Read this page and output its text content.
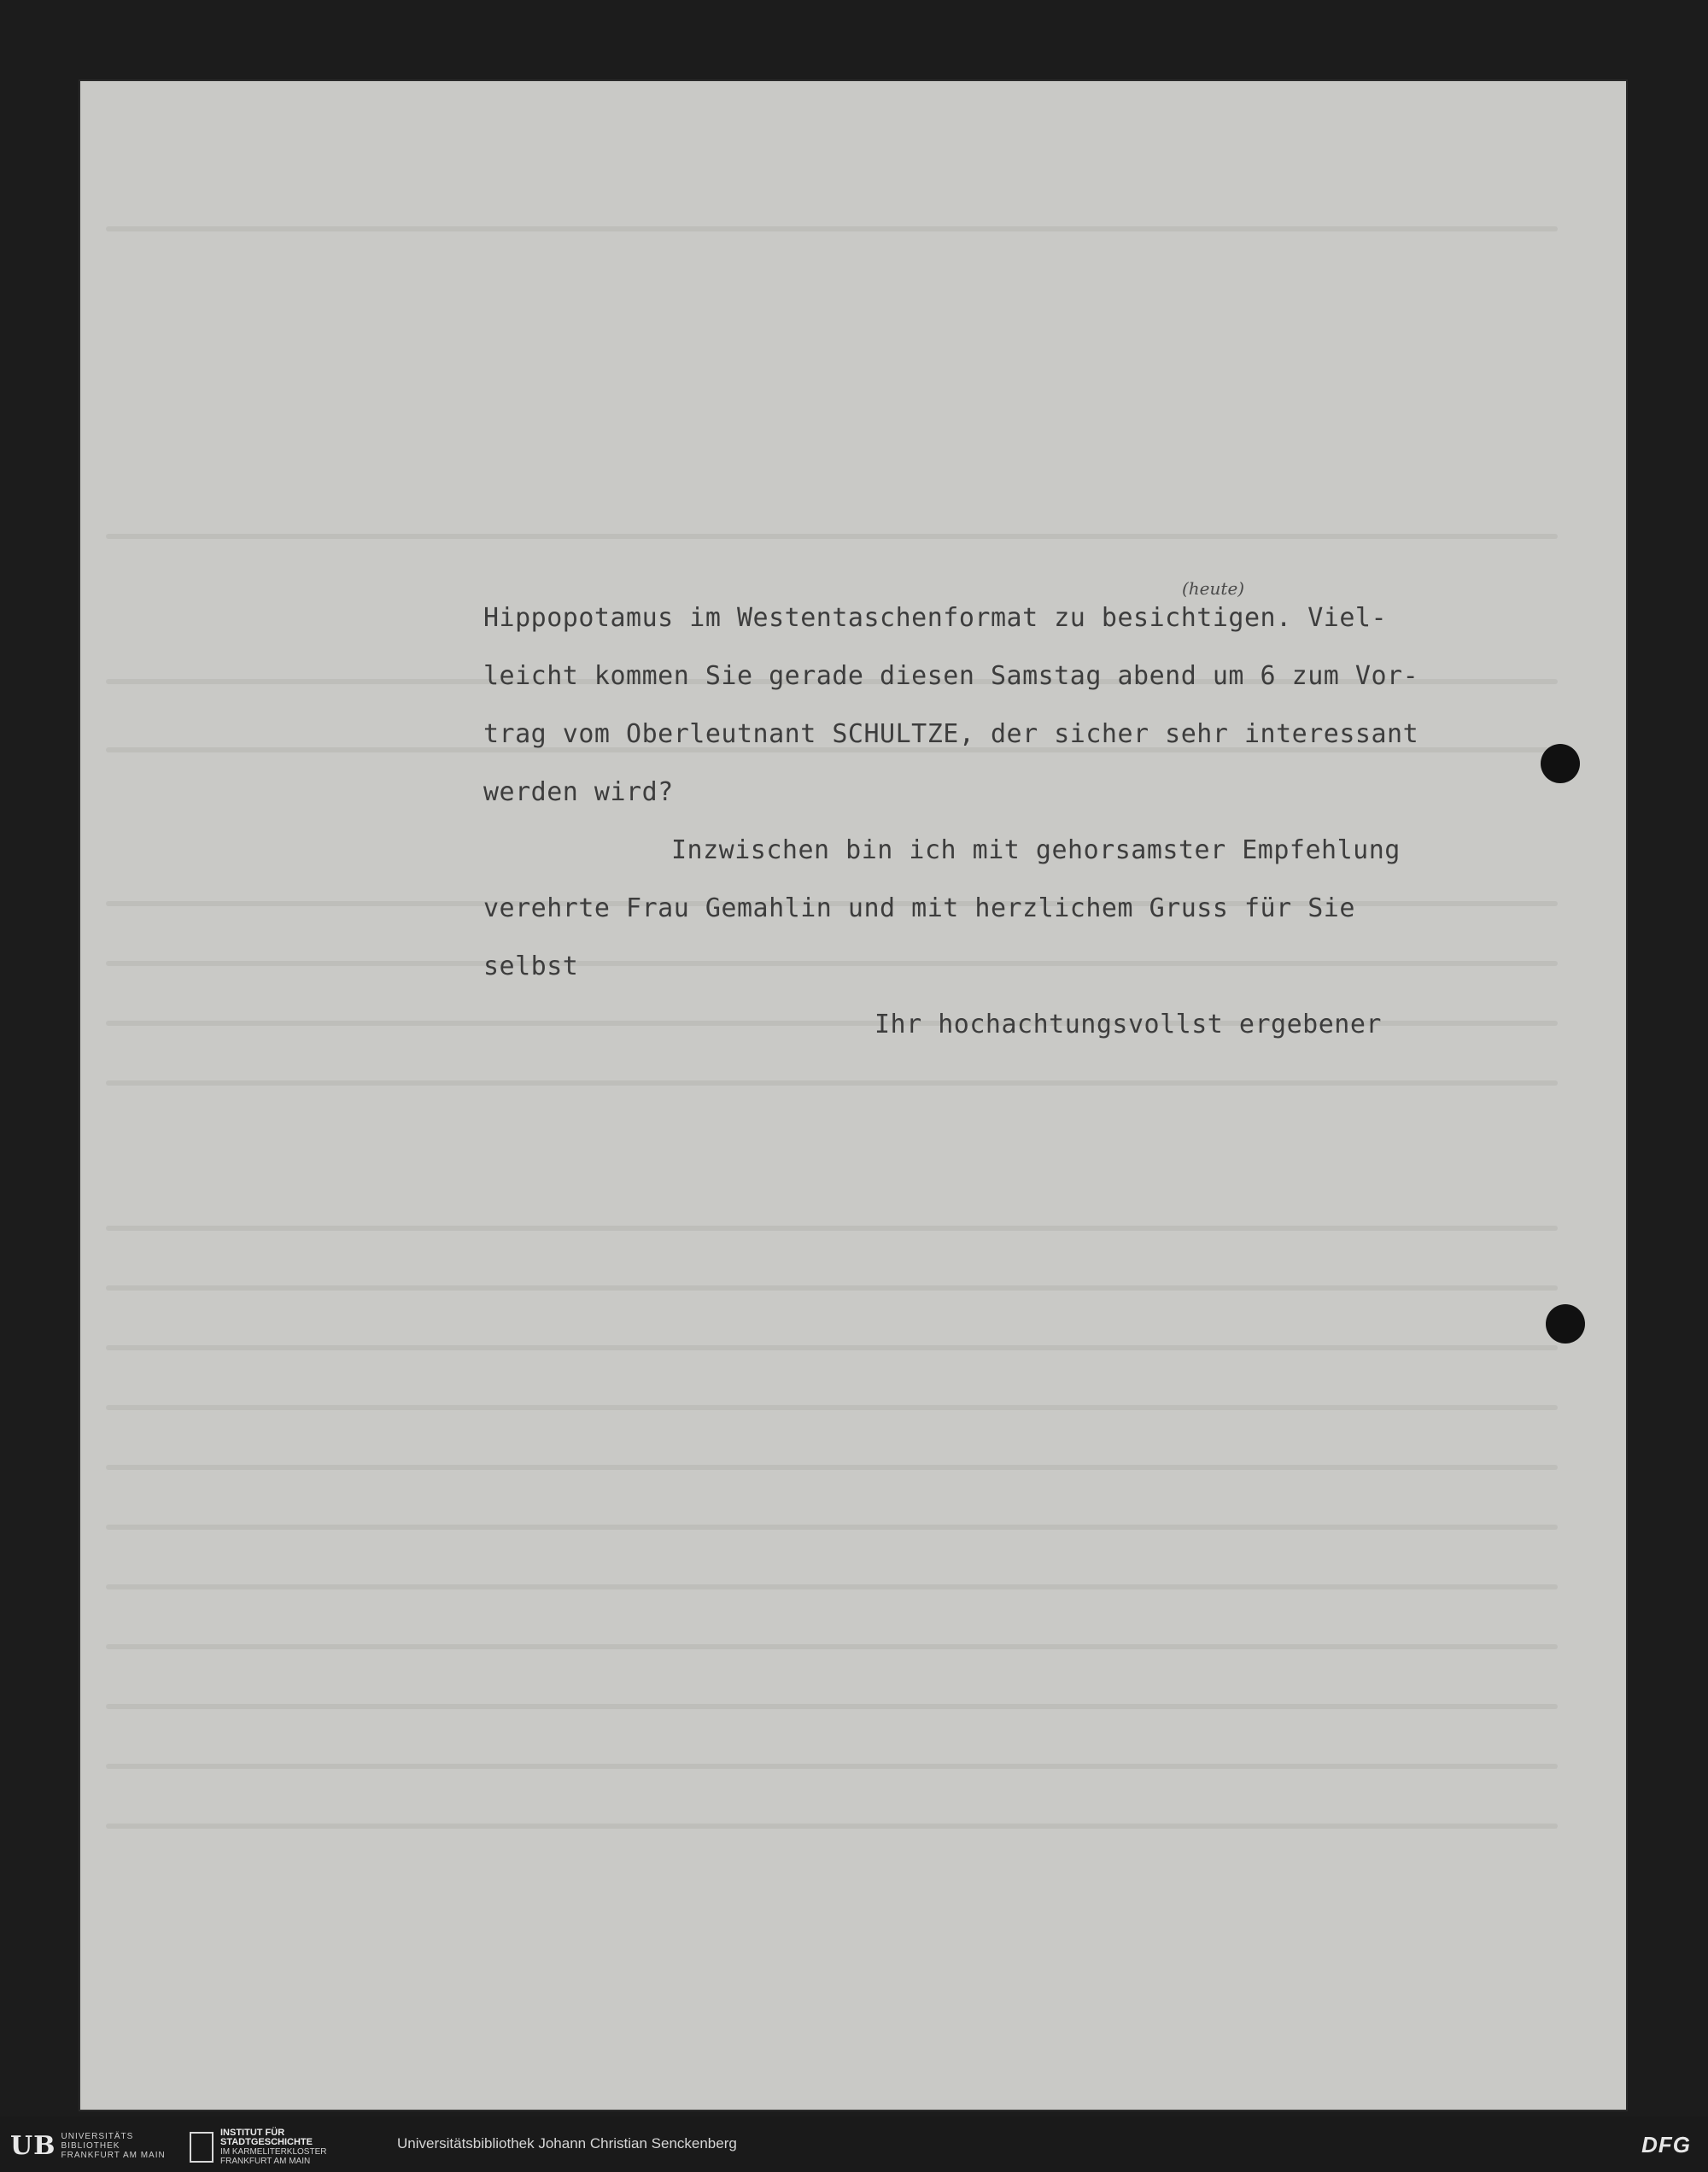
(heute)
Hippopotamus im Westentaschenformat zu besichtigen. Viel-
leicht kommen Sie gerade diesen Samstag abend um 6 zum Vor-
trag vom Oberleutnant SCHULTZE, der sicher sehr interessant
werden wird?
Inzwischen bin ich mit gehorsamster Empfehlung
verehrte Frau Gemahlin und mit herzlichem Gruss für Sie
selbst
Ihr hochachtungsvollst ergebener
UB UNIVERSITÄTS
BIBLIOTHEK
FRANKFURT AM MAIN
INSTITUT FÜR
STADTGESCHICHTE
IM KARMELITERKLOSTER
FRANKFURT AM MAIN
Universitätsbibliothek Johann Christian Senckenberg	DFG
